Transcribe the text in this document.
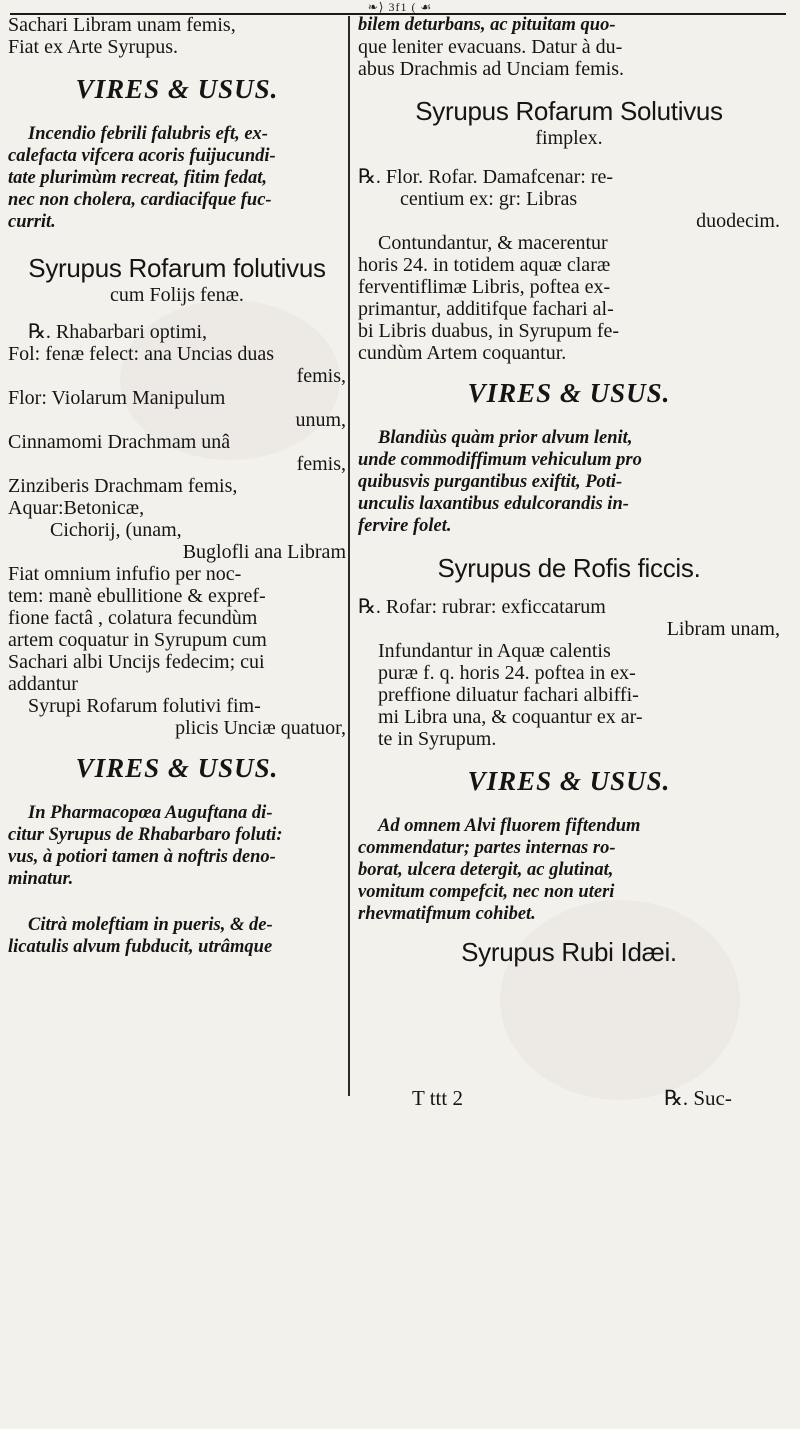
❧⟩ 3f1 ( ☙

Sachari Libram unam femis,

Fiat ex Arte Syrupus.

VIRES & USUS.

Incendio febrili falubris eft, ex-

calefacta vifcera acoris fuijucundi-

tate plurimùm recreat, fitim fedat,

nec non cholera, cardiacifque fuc-

currit.

Syrupus Rofarum folutivus

cum Folijs fenæ.

℞. Rhabarbari optimi,

Fol: fenæ felect: ana Uncias duas

femis,

Flor: Violarum Manipulum

unum,

Cinnamomi Drachmam unâ

femis,

Zinziberis Drachmam femis,

Aquar:Betonicæ,

Cichorij, (unam,

Buglofli ana Libram

Fiat omnium infufio per noc-

tem: manè ebullitione & expref-

fione factâ , colatura fecundùm

artem coquatur in Syrupum cum

Sachari albi Uncijs fedecim; cui

addantur

Syrupi Rofarum folutivi fim-

plicis Unciæ quatuor,

VIRES & USUS.

In Pharmacopœa Auguftana di-

citur Syrupus de Rhabarbaro foluti:

vus, à potiori tamen à noftris deno-

minatur.

Citrà moleftiam in pueris, & de-

licatulis alvum fubducit, utrâmque

bilem deturbans, ac pituitam quo-

que leniter evacuans. Datur à du-

abus Drachmis ad Unciam femis.

Syrupus Rofarum Solutivus

fimplex.

℞. Flor. Rofar. Damafcenar: re-

centium ex: gr: Libras

duodecim.

Contundantur, & macerentur

horis 24. in totidem aquæ claræ

ferventiflimæ Libris, poftea ex-

primantur, additifque fachari al-

bi Libris duabus, in Syrupum fe-

cundùm Artem coquantur.

VIRES & USUS.

Blandiùs quàm prior alvum lenit,

unde commodiffimum vehiculum pro

quibusvis purgantibus exiftit, Poti-

unculis laxantibus edulcorandis in-

fervire folet.

Syrupus de Rofis ficcis.

℞. Rofar: rubrar: exficcatarum

Libram unam,

Infundantur in Aquæ calentis

puræ f. q. horis 24. poftea in ex-

preffione diluatur fachari albiffi-

mi Libra una, & coquantur ex ar-

te in Syrupum.

VIRES & USUS.

Ad omnem Alvi fluorem fiftendum

commendatur; partes internas ro-

borat, ulcera detergit, ac glutinat,

vomitum compefcit, nec non uteri

rhevmatifmum cohibet.

Syrupus Rubi Idæi.

T ttt 2	℞. Suc-
